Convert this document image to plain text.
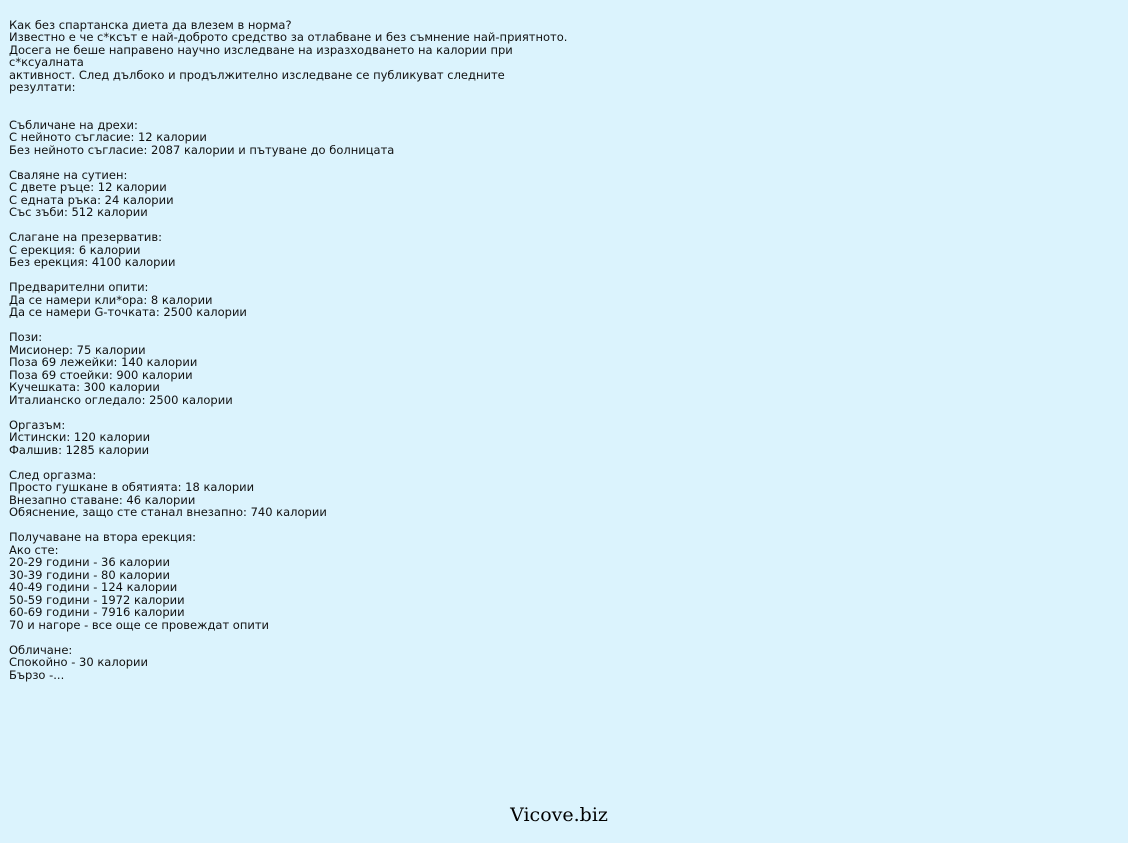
Как без спартанска диета да влезем в норма?
Известно е че с*ксът е най-доброто средство за отлабване и без съмнение най-приятното.
Досега не беше направено научно изследване на изразходването на калории при с*ксуалната
активност. След дълбоко и продължително изследване се публикуват следните резултати:

Събличане на дрехи:
С нейното съгласие: 12 калории
Без нейното съгласие: 2087 калории и пътуване до болницата
Сваляне на сутиен:
С двете ръце: 12 калории
С едната ръка: 24 калории
Със зъби: 512 калории
Слагане на презерватив:
С ерекция: 6 калории
Без ерекция: 4100 калории
Предварителни опити:
Да се намери кли*ора: 8 калории
Да се намери G-точката: 2500 калории
Пози:
Мисионер: 75 калории
Поза 69 лежейки: 140 калории
Поза 69 стоейки: 900 калории
Кучешката: 300 калории
Италианско огледало: 2500 калории
Оргазъм:
Истински: 120 калории
Фалшив: 1285 калории
След оргазма:
Просто гушкане в обятията: 18 калории
Внезапно ставане: 46 калории
Обяснение, защо сте станал внезапно: 740 калории
Получаване на втора ерекция:
Ако сте:
20-29 години - 36 калории
30-39 години - 80 калории
40-49 години - 124 калории
50-59 години - 1972 калории
60-69 години - 7916 калории
70 и нагоре - все още се провеждат опити
Обличане:
Спокойно - 30 калории
Бързо -...

Vicove.biz
